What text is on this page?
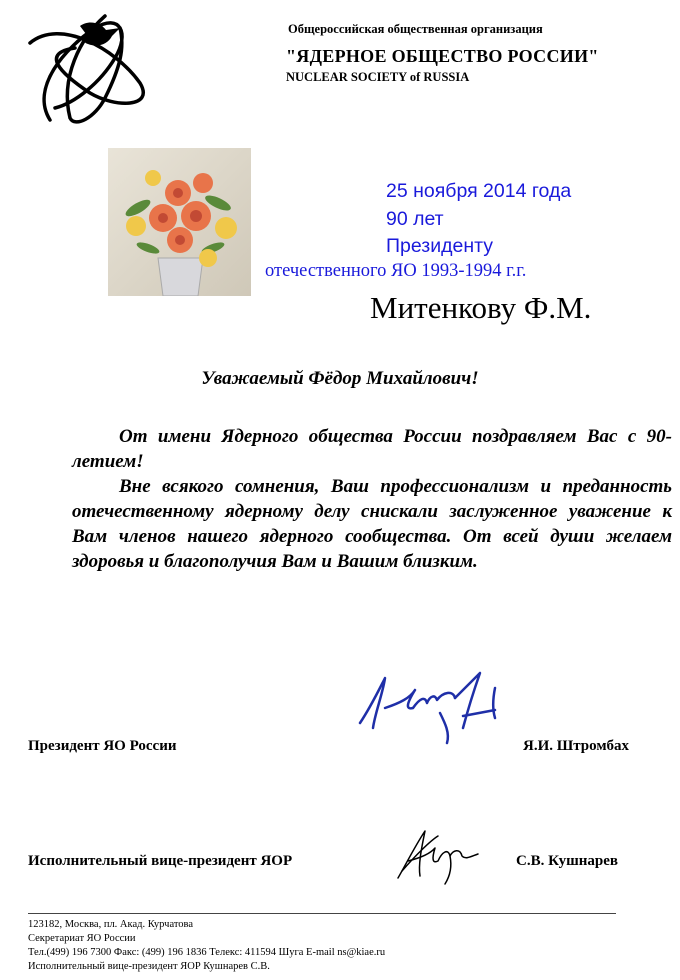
Общероссийская общественная организация
"ЯДЕРНОЕ ОБЩЕСТВО РОССИИ"
NUCLEAR SOCIETY of RUSSIA
25 ноября 2014 года
90 лет
Президенту
отечественного ЯО 1993-1994 г.г.
Митенкову Ф.М.
Уважаемый Фёдор Михайлович!

От имени Ядерного общества России поздравляем Вас с 90-летием!

Вне всякого сомнения, Ваш профессионализм и преданность отечественному ядерному делу снискали заслуженное уважение к Вам членов нашего ядерного сообщества. От всей души желаем здоровья и благополучия Вам и Вашим близким.

Президент ЯО России	Я.И. Штромбах
Исполнительный вице-президент ЯОР	С.В. Кушнарев
123182, Москва, пл. Акад. Курчатова
Секретариат ЯО России
Тел.(499) 196 7300 Факс: (499) 196 1836 Телекс: 411594 Шуга E-mail ns@kiae.ru
Исполнительный вице-президент ЯОР Кушнарев С.В.
